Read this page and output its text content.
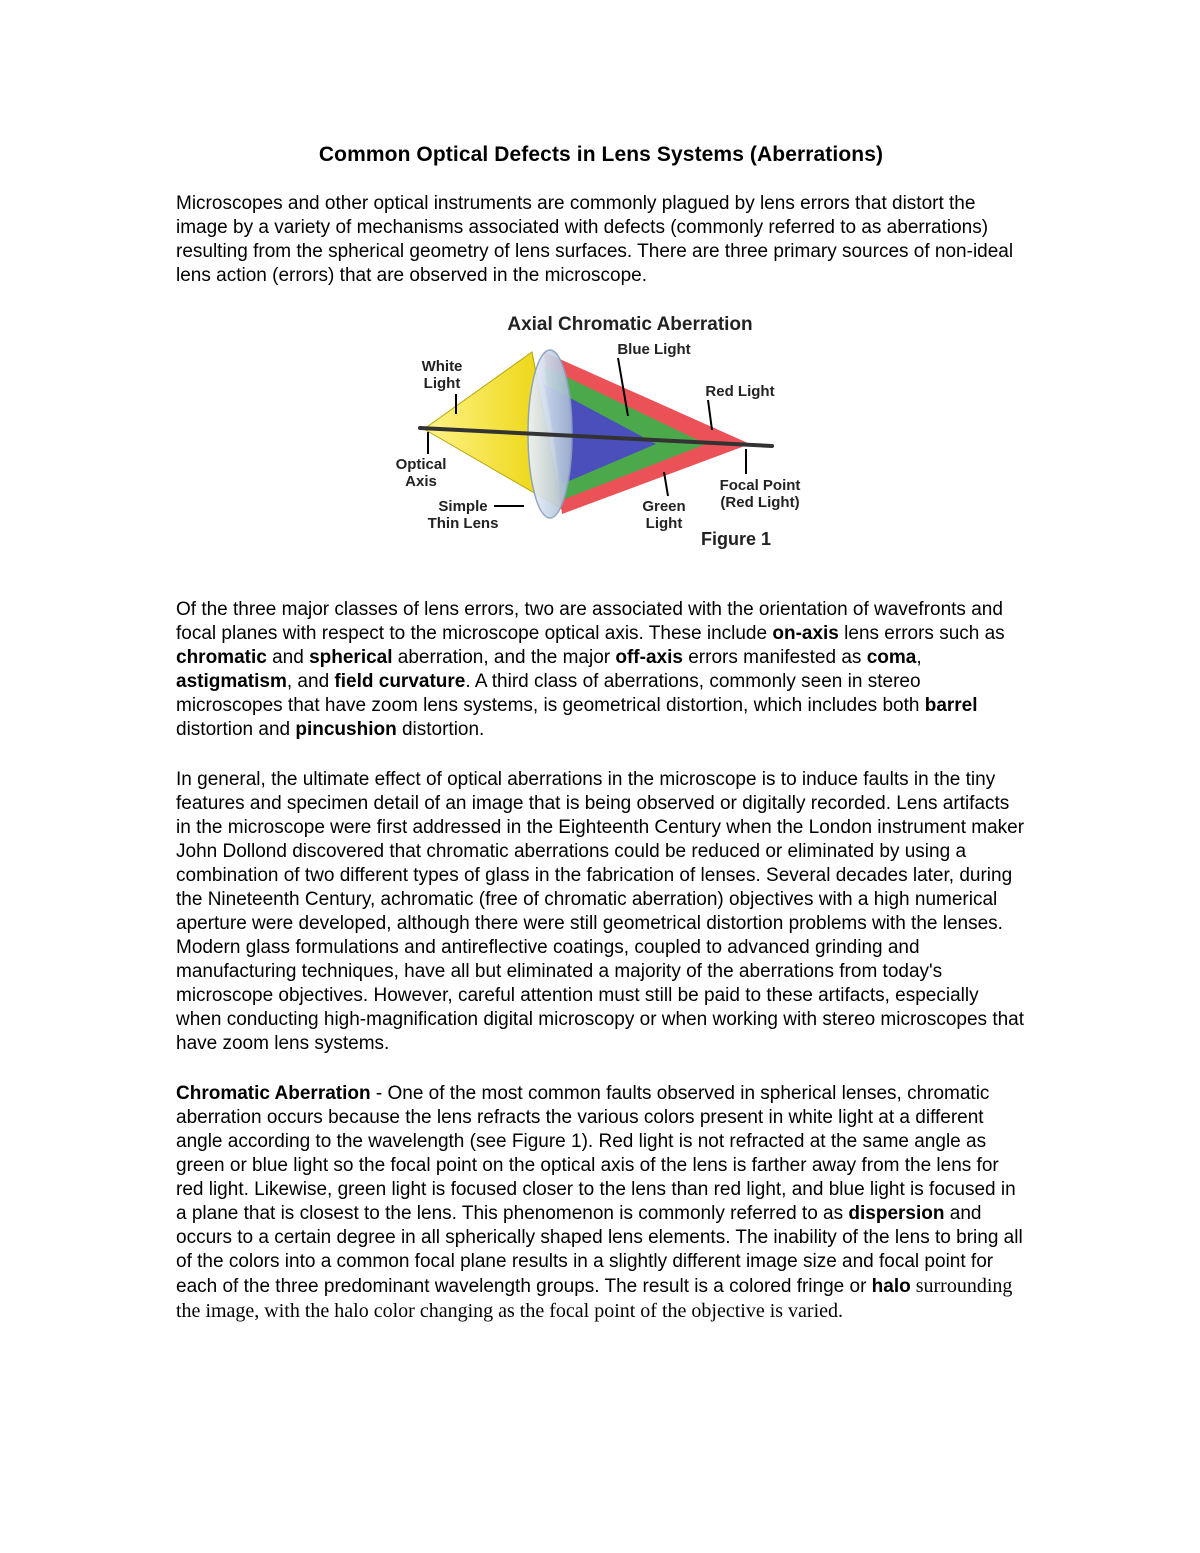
Common Optical Defects in Lens Systems (Aberrations)

Microscopes and other optical instruments are commonly plagued by lens errors that distort the image by a variety of mechanisms associated with defects (commonly referred to as aberrations) resulting from the spherical geometry of lens surfaces. There are three primary sources of non-ideal lens action (errors) that are observed in the microscope.

Axial Chromatic Aberration
White
Light
Blue Light
Red Light
Optical
Axis
Simple
Thin Lens
Green
Light
Focal Point
(Red Light)
Figure 1

Of the three major classes of lens errors, two are associated with the orientation of wavefronts and focal planes with respect to the microscope optical axis. These include on-axis lens errors such as chromatic and spherical aberration, and the major off-axis errors manifested as coma, astigmatism, and field curvature. A third class of aberrations, commonly seen in stereo microscopes that have zoom lens systems, is geometrical distortion, which includes both barrel distortion and pincushion distortion.

In general, the ultimate effect of optical aberrations in the microscope is to induce faults in the tiny features and specimen detail of an image that is being observed or digitally recorded. Lens artifacts in the microscope were first addressed in the Eighteenth Century when the London instrument maker John Dollond discovered that chromatic aberrations could be reduced or eliminated by using a combination of two different types of glass in the fabrication of lenses. Several decades later, during the Nineteenth Century, achromatic (free of chromatic aberration) objectives with a high numerical aperture were developed, although there were still geometrical distortion problems with the lenses. Modern glass formulations and antireflective coatings, coupled to advanced grinding and manufacturing techniques, have all but eliminated a majority of the aberrations from today's microscope objectives. However, careful attention must still be paid to these artifacts, especially when conducting high-magnification digital microscopy or when working with stereo microscopes that have zoom lens systems.

Chromatic Aberration - One of the most common faults observed in spherical lenses, chromatic aberration occurs because the lens refracts the various colors present in white light at a different angle according to the wavelength (see Figure 1). Red light is not refracted at the same angle as green or blue light so the focal point on the optical axis of the lens is farther away from the lens for red light. Likewise, green light is focused closer to the lens than red light, and blue light is focused in a plane that is closest to the lens. This phenomenon is commonly referred to as dispersion and occurs to a certain degree in all spherically shaped lens elements. The inability of the lens to bring all of the colors into a common focal plane results in a slightly different image size and focal point for each of the three predominant wavelength groups. The result is a colored fringe or halo surrounding the image, with the halo color changing as the focal point of the objective is varied.
